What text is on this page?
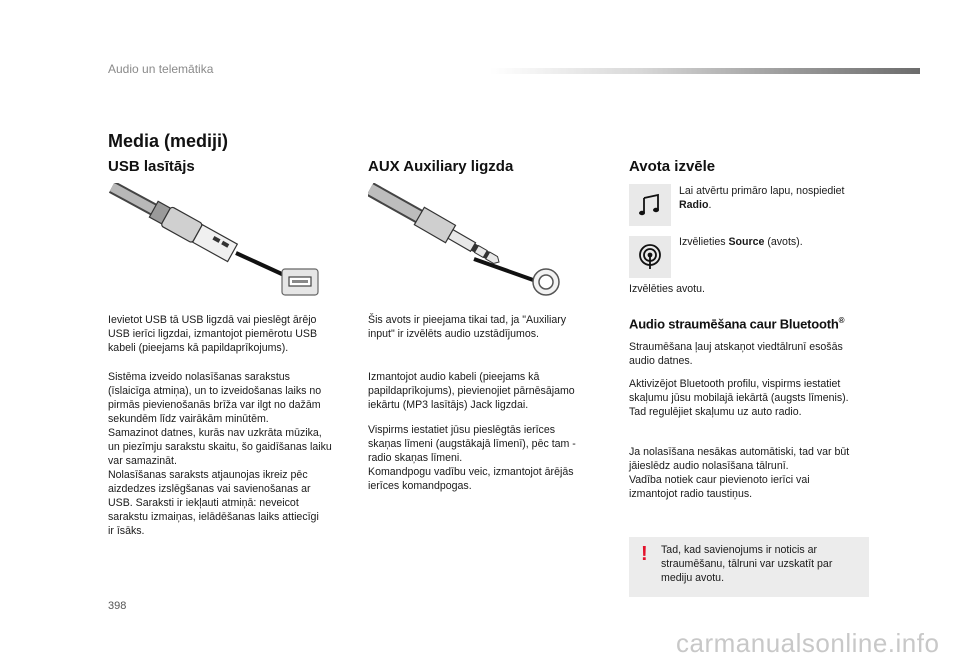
Audio un telemātika
Media (mediji)
USB lasītājs
Ievietot USB tā USB ligzdā vai pieslēgt ārējo
USB ierīci ligzdai, izmantojot piemērotu USB
kabeli (pieejams kā papildaprīkojums).
Sistēma izveido nolasīšanas sarakstus
(īslaicīga atmiņa), un to izveidošanas laiks no
pirmās pievienošanās brīža var ilgt no dažām
sekundēm līdz vairākām minūtēm.
Samazinot datnes, kurās nav uzkrāta mūzika,
un piezīmju sarakstu skaitu, šo gaidīšanas laiku
var samazināt.
Nolasīšanas saraksts atjaunojas ikreiz pēc
aizdedzes izslēgšanas vai savienošanas ar
USB. Saraksti ir iekļauti atmiņā: neveicot
sarakstu izmaiņas, ielādēšanas laiks attiecīgi
ir īsāks.
AUX Auxiliary ligzda
Šis avots ir pieejama tikai tad, ja "Auxiliary
input" ir izvēlēts audio uzstādījumos.
Izmantojot audio kabeli (pieejams kā
papildaprīkojums), pievienojiet pārnēsājamo
iekārtu (MP3 lasītājs) Jack ligzdai.
Vispirms iestatiet jūsu pieslēgtās ierīces
skaņas līmeni (augstākajā līmenī), pēc tam -
radio skaņas līmeni.
Komandpogu vadību veic, izmantojot ārējās
ierīces komandpogas.
Avota izvēle
Lai atvērtu primāro lapu, nospiediet
Radio.
Izvēlieties Source (avots).
Izvēlēties avotu.
Audio straumēšana caur Bluetooth®
Straumēšana ļauj atskaņot viedtālrunī esošās
audio datnes.
Aktivizējot Bluetooth profilu, vispirms iestatiet
skaļumu jūsu mobilajā iekārtā (augsts līmenis).
Tad regulējiet skaļumu uz auto radio.
Ja nolasīšana nesākas automātiski, tad var būt
jāieslēdz audio nolasīšana tālrunī.
Vadība notiek caur pievienoto ierīci vai
izmantojot radio taustiņus.
! Tad, kad savienojums ir noticis ar
straumēšanu, tālruni var uzskatīt par
mediju avotu.
398
carmanualsonline.info
